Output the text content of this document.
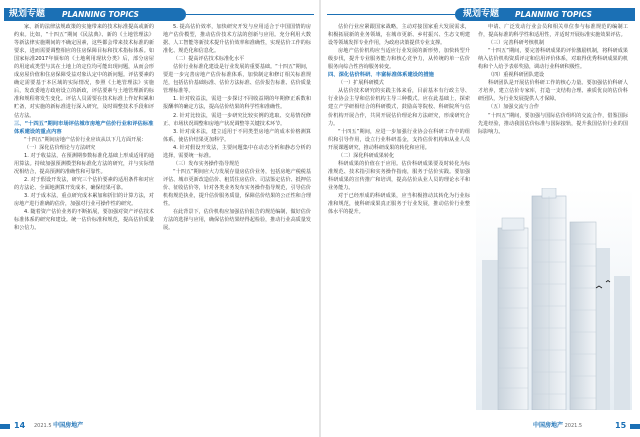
规划专题 PLANNING TOPICS

家、新的法律法规政策的实施带来的技术标准提高或新的约束。比如，“十四五”期间《民法典》、新的《土地管理法》等新法律实施期间的不确定因素，这些都会带来技术标准的新要求，进而需要调整相应的住房保障目标和技术指标体系。如国家标准2017年颁布的《土地利用现状分类》后，部分房屋的用途或类型与其在土地上的定位均可能出现问题，从而会形成房屋价值和住房保障受益对象认定中的新问题。评估要素的确定需要基于本区域的实际情况，参照《土地管理法》实施后，发改委地方政府设立的新政，评估要素与土地管理新的标准和规程将发生变化。评估人员需要在技术标准上作好积累和贮备，对实施的新标准进行深入研究，及时调整技术手段和评估方法。

三、“十四五”期间市场评估城市房地产估价行业和评估标准体系建设的重点内容

“十四五”期间房地产估价行业应该从以下几方面开展：

（一）深化估价理论与方法研究

1. 对于收益法，在预测期参数标准化基础上形成适用的通用算法。持续加强预测模型和标准化方法的研究，并与实际情况相结合，提高预测的准确性和可靠性。

2. 对于假设开发法，研究三个估价要素的适用条件和对应的方法论、全面地测算开发成本，确保结果可靠。

3. 对于成本法，重点研究成本累加和折旧的计算方法，对房地产进行准确的估价，加强对行业可操作性的研究。

4. 随着资产估价业务的不断拓展，要加强对资产评估技术标准体系的研究和建设。统一估价标准和规范，提高估价质量和公信力。

5. 提高估价效率，加快研究开发与应用适合于中国国情的房地产估价模型，推动估价技术方法的创新与应用。充分利用大数据、人工智能等新技术提升估价效率和准确性，实现估价工作的标准化、规范化和信息化。

（二）提高评估技术标准化水平

估价行业标准化建设是行业发展的重要基础。“十四五”期间，要进一步完善房地产估价标准体系，加快制定和修订相关标准规范，包括估价基础标准、估价方法标准、估价报告标准、估价质量管理标准等。

1. 针对收益法，需进一步探讨不同收益期的年期修正系数和报酬率的确定方法，提高估价结果的科学性和准确性。

2. 针对比较法，需进一步研究比较实例的选取、交易情况修正、市场状况调整和房地产状况调整等关键技术环节。

3. 针对成本法，建立适用于不同类型房地产的成本价格测算体系，使估价结果更加科学。

4. 针对假设开发法，主要问题集中在动态分析和静态分析的选择，需要统一标准。

（三）发布实务操作指导规范

“十四五”期间应大力发展存量房估价业务，包括房地产税税基评估、城市更新改造估价、租赁住房估价、司法鉴定估价、抵押估价、征收估价等，针对各类业务发布实务操作指导规范，引导估价机构规范执业，提升估价服务质量，保障估价结果的公正性和合理性。

在此背景下，估价机构应加强估价报告的规范编制，做好估价方法的选择与应用，确保估价结果经得起检验，推动行业高质量发展。

14 2021.5 中国房地产
规划专题 PLANNING TOPICS

估价行业应紧跟国家战略，主动对接国家重大发展需求，积极拓展新的业务领域，在城市更新、乡村振兴、生态文明建设等领域发挥专业作用，为政府决策提供专业支撑。

房地产估价机构应当适应行业发展的新形势，加快转型升级步伐，提升专业服务能力和核心竞争力，从传统的单一估价服务向综合性咨询服务转变。

四、深化估价科研、丰富标准体系建设的措施
（一）扩展科研模式

从估价技术研究的实践主体来看，目前基本有行政主导、行业协会主导和估价机构主导三种模式。应在此基础上，探索建立产学研相结合的科研模式，鼓励高等院校、科研院所与估价机构开展合作，共同开展估价理论和方法研究，形成研究合力。

“十四五”期间，应进一步加强行业协会在科研工作中的组织和引导作用，设立行业科研基金，支持估价机构和从业人员开展课题研究，推动科研成果的转化和应用。

（二）深化科研成果转化

科研成果的价值在于应用。估价科研成果要及时转化为标准规范、技术指引和实务操作指南，服务于估价实践。要加强科研成果的宣传推广和培训，提高估价从业人员的理论水平和业务能力。

对于已经形成的科研成果，应当积极推动其转化为行业标准和规范，使科研成果真正服务于行业发展，推动估价行业整体水平的提升。

申请、广泛发动行业会员和相关单位参与标准规范的编制工作，提高标准的科学性和适用性，并适时开展标准实施效果评估。

（三）完善科研考核机制

“十四五”期间，要完善科研成果的评价激励机制，将科研成果纳入估价机构资质评定和信用评价体系，对取得优秀科研成果的机构和个人给予表彰奖励，调动行业科研积极性。

（四）重视科研团队建设

科研团队是开展估价科研工作的核心力量。要加强估价科研人才培养，建立估价专家库，打造一支结构合理、素质优良的估价科研团队，为行业发展提供人才保障。

（五）加强交流与合作

“十四五”期间，要加强与国际估价组织的交流合作，借鉴国际先进经验，推动我国估价标准与国际接轨，提升我国估价行业的国际影响力。

15
中国房地产 2021.5
